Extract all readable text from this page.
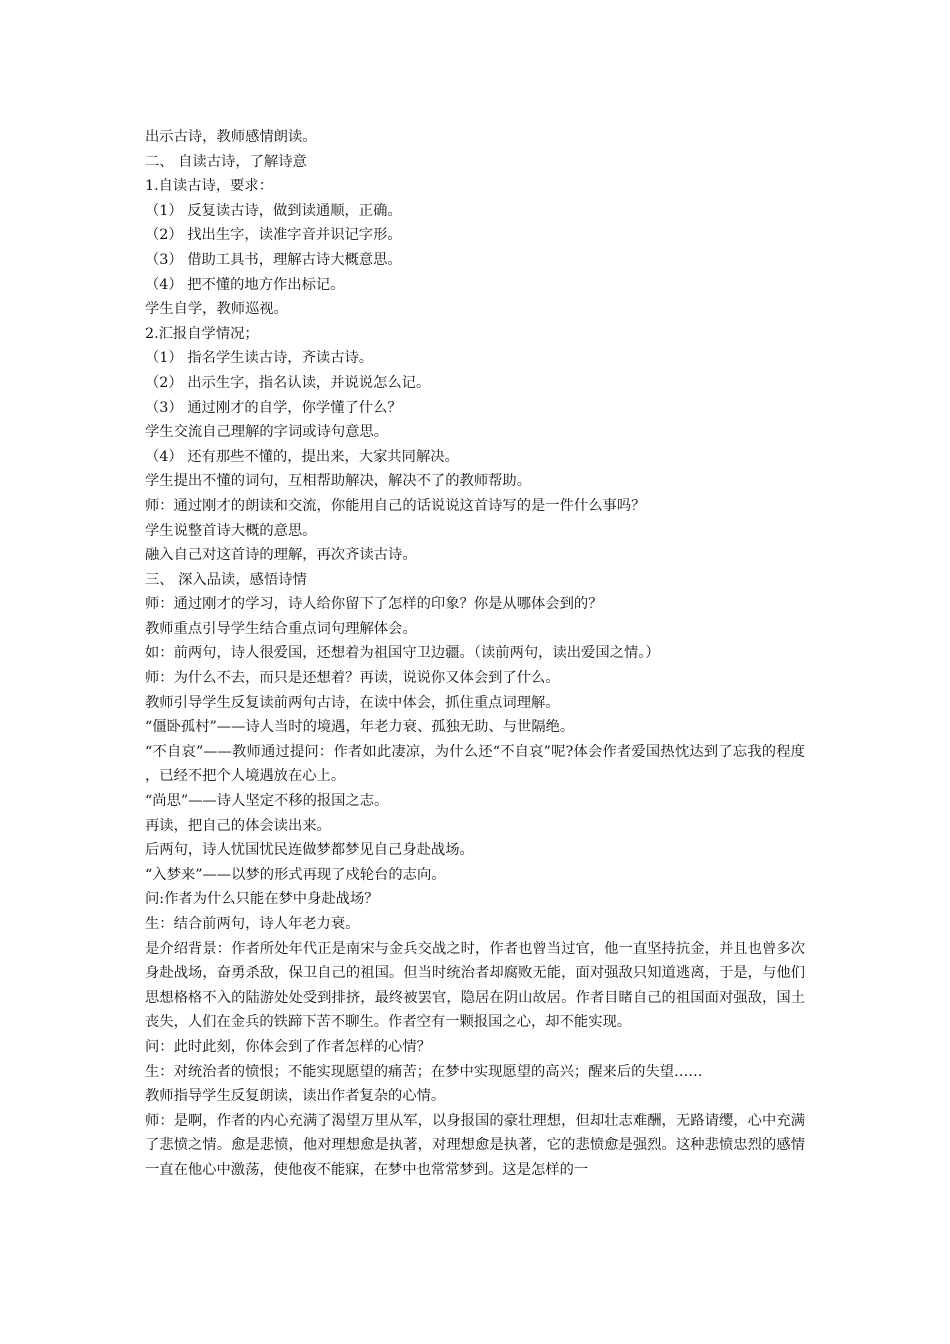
出示古诗，教师感情朗读。
二、 自读古诗，了解诗意
1.自读古诗，要求：
（1） 反复读古诗，做到读通顺，正确。
（2） 找出生字，读准字音并识记字形。
（3） 借助工具书，理解古诗大概意思。
（4） 把不懂的地方作出标记。
学生自学，教师巡视。
2.汇报自学情况；
（1） 指名学生读古诗，齐读古诗。
（2） 出示生字，指名认读，并说说怎么记。
（3） 通过刚才的自学，你学懂了什么？
学生交流自己理解的字词或诗句意思。
（4） 还有那些不懂的，提出来，大家共同解决。
学生提出不懂的词句，互相帮助解决，解决不了的教师帮助。
师：通过刚才的朗读和交流，你能用自己的话说说这首诗写的是一件什么事吗？
学生说整首诗大概的意思。
融入自己对这首诗的理解，再次齐读古诗。
三、 深入品读，感悟诗情
师：通过刚才的学习，诗人给你留下了怎样的印象？你是从哪体会到的？
教师重点引导学生结合重点词句理解体会。
如：前两句，诗人很爱国，还想着为祖国守卫边疆。（读前两句，读出爱国之情。）
师：为什么不去，而只是还想着？再读，说说你又体会到了什么。
教师引导学生反复读前两句古诗，在读中体会，抓住重点词理解。
“僵卧孤村”——诗人当时的境遇，年老力衰、孤独无助、与世隔绝。
“不自哀”——教师通过提问：作者如此凄凉，为什么还“不自哀”呢?体会作者爱国热忱达到了忘我的程度，已经不把个人境遇放在心上。
“尚思”——诗人坚定不移的报国之志。
再读，把自己的体会读出来。
后两句，诗人忧国忧民连做梦都梦见自己身赴战场。
“入梦来”——以梦的形式再现了戍轮台的志向。
问:作者为什么只能在梦中身赴战场？
生：结合前两句，诗人年老力衰。
是介绍背景：作者所处年代正是南宋与金兵交战之时，作者也曾当过官，他一直坚持抗金，并且也曾多次身赴战场，奋勇杀敌，保卫自己的祖国。但当时统治者却腐败无能，面对强敌只知道逃离，于是，与他们思想格格不入的陆游处处受到排挤，最终被罢官，隐居在阴山故居。作者目睹自己的祖国面对强敌，国土丧失，人们在金兵的铁蹄下苦不聊生。作者空有一颗报国之心，却不能实现。
问：此时此刻，你体会到了作者怎样的心情？
生：对统治者的愤恨；不能实现愿望的痛苦；在梦中实现愿望的高兴；醒来后的失望……
教师指导学生反复朗读，读出作者复杂的心情。
师：是啊，作者的内心充满了渴望万里从军，以身报国的豪壮理想，但却壮志难酬，无路请缨，心中充满了悲愤之情。愈是悲愤，他对理想愈是执著，对理想愈是执著，它的悲愤愈是强烈。这种悲愤忠烈的感情一直在他心中激荡，使他夜不能寐，在梦中也常常梦到。这是怎样的一
